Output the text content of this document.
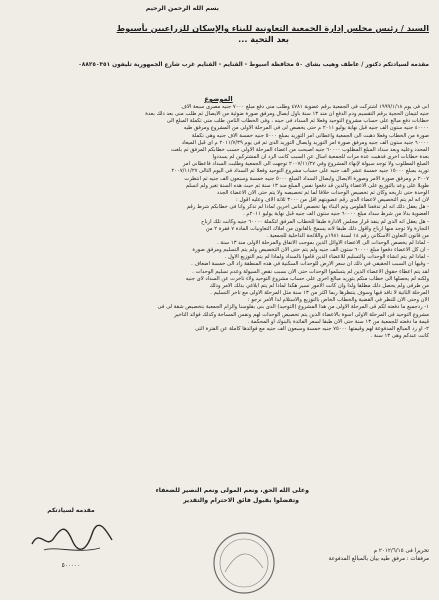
بسم الله الرحمن الرحيم
السيد / رئيس مجلس إدارة الجمعية التعاونية للبناء والإسكان للزراعيين بأسيوط
بعد التحية ...
مقدمه لسيادتكم دكتور / عاطف وهيب بشاى ٥٠ محافظة أسيوط - القنايم - القنايم غرب شارع الجمهورية تليفون ٠٨٨٢٥٠٣٥١
الموضوع
انى فى يوم ١٩٩٩/١/١٨ اشتركت فى الجمعية برقم عضوية ٤٧٨١ وطلب منى دفع مبلغ ٧٠٠٠ جنيه مصرى سبعة آلاف
جنيه لتيمان الحجية برقم التقسيم ودم الدفع ان مند ١٣ سنة باول ايصال ومرفق صورة ضوئية من الايصال ثم طلب منى بعد ذلك بعدة
خطابات دفع مبالغ على حساب مشروع التوحيد وفعلا ثم السداد فى حينه ، وفى الخطاب الثامن طلب منى تكملة المبلغ الى
٤٠٠٠٠ جنيه ستون ألف جنيه قبل نهاية يوليو ٢٠١١ م حتى يخصص لى فى المرحلة الأولى من المشروع ومرفق طيه
صورة من الخطاب وفعلا ذهبت الى الجمعية واعطانى أمر التوريد بمبلغ ٥٠٠٠ جنيه خمسة آلاف جنيه وهى تكملة
٦٠٠٠٠ جنيه ستون ألف جنيه ومرفق صورة أمر التوريد وايصال التوريد الذى ثم فى يوم ٢٠١١/٧/٣٩ م اى قبل الميعاد
المحدد وعليه وبعد سداد المبلغ المطلوب ٦٠٠٠٠ جنيه اصبحت من اعضاء المرحلة الأولى حسب خطابكم المرفق ثم بلغت
بعدة خطابات اخرى فذهبت عدة مرات للجمعية اسأل عن السبب كانت الرد ان المشتركين لم يسددوا
المبلغ المطلوب ولا توجد سيولة لإنهاء المشروع وفي ٢٠٠٧/١١/٢٧ توجهت الى الجمعية وطلبت السداد فاعطانى امر
توريد بمبلغ ١٥٠٠٠ جنيه خمسة عشر ألف جنيه على حساب مشروع التوحيد وفعلا ثم السداد فى اليوم التالى ٢٠٠٧/١١/٢٧
٢٠٠٧ م ومرفق صورة الأمر وصورة الايصال وايصال السداد المبلغ ٥٠٠٠ جنيه خمسة وسبعون ألف جنيه ثم انتظرت
طويلا على وعد بالتوزيع على الاعضاء والذين قد دفعوا نفس المبلغ منذ ١٣ سنة ثم حيث هذه السنة تغير ولم اتسلم
الوحدة حتى تاريخه وكان ثم تخصيص الوحدات خلافا لما ثم تخصيصه ولا يتم حتى الآن الاعضاء الجدد
لأن انه لم يتم التخصيص لاعضاء الذى رقم عضويتهم اقل من ٣٠٠٠ ثلاثة آلاف وعليه أقول :
- هل يعقل ذلك انه لم تدفعنا القلوس وتم البناء بها تخصص لناس آخرين لماذا لم تذكر وانا فى خطابكم شرط رقم
العضوية بدلا من شرط سداد مبلغ ٦٠٠٠٠ جنيه ستون ألف جنيه قبل نهاية يوليو ٢٠١١م .
- هل يعقل انه الذى لم ينفذ قرار مجلس الادارة طبقا للخطاب المرفق لتكملة ٦٠٠٠٠ جنيه وكانت تلك ارباح
التجارة ولا توجد منها أرباح وأقول ذلك طبقا لأنه يسمح بالقانون من أملاك التعاونيات المادة ٧ فقرة ٢ من
من قانون التعاون الاسكاني رقم ١٤ لسنة ١٩٨١م واللائحة الداخلية للجمعية .
- لماذا لم يخصص الوحدات الى الاعضاء الأوائل الذين بموجب الاتفاق والمرحلة الأولى منذ ١٣ سنة .
- ان كل الاعضاء دفعوا مبلغ ٦٠٠٠٠ ستون ألف جنيه ولم يتم حتى الآن التخصيص ولم يتم التسليم ومرفق صورة
- لماذا لم يتم انشاء الوحدات والتسليم للاعضاء الذين قاموا بالسداد ولماذا لم يتم التوزيع الأول .
- وقيها ان السبب الحقيقي في ذلك ان سعر الأرض للوحدات السكنية في هذه المنطقة زاد الى خمسة اضعاف .
لقد يتم اعطاء حقوق الاعضاء الذين لم يتسلموا الوحدات حتى الآن بسبب نقص السيولة وعدم تسليم الوحدات .
ولكنه لم يحصلها الى خطاب منكم بتوريد مبالغ اخرى على حساب مشروع التوحيد ولاء تأخرت عن السداد لأى جنيه
من طرفى ولم يحصل ذلك مطلقا ولذا وان كانت الامور تسير هكذا لماذا لم يتم ابلاغي بذلك الامر وذلك
المرحلة الثانية لا نافذ فيها وسوف ينتظرها ربما أكثر من ١٣ سنة مثل المرحلة الأولى مع تأخر التسليم .
الآن وحتى الآن للنظر في القضية والخطاب الخاص بالتوزيع والاستلام لذا الأمر نرجو :
١- ردجميع ما دفعته لكم فى المرحلة الأولى من هذا المشروع (التوحيد) الذى بنى بفلوسنا والزام الجمعية بتخصيص شقة لى فى
مشروع التوحيد فى المرحلة الاولى اسوة بالاعضاء الذين يتم تخصيص الوحدات لهم ونفس المساحة وكذلك فوائد التأخير
قيمة ما دفعته للجمعية من ١٣ سنة حتى الآن طبقا لسعر الفائدة بالبنوك أو المحكمة .
٢- او رد المبالغ المدفوعة لهم وقيمتها ٧٥٠٠٠ جنيه خمسة وسبعون ألف جنيه مع فوائدها كاملة عن الفترة التى
كانت عندكم وهى ١٣ سنة .
وعلى الله الحق، ونعم المولى ونعم النصير للضعفاء
وتفضلوا بقبول فائق الاحترام والتقدير
تحريرا فى ٢٠١٢/٦/١٥ م
مرفقات : مرفق طيه بيان بالمبالغ المدفوعة
مقدمه لسيادتكم
٥٠٠٠٠٠
